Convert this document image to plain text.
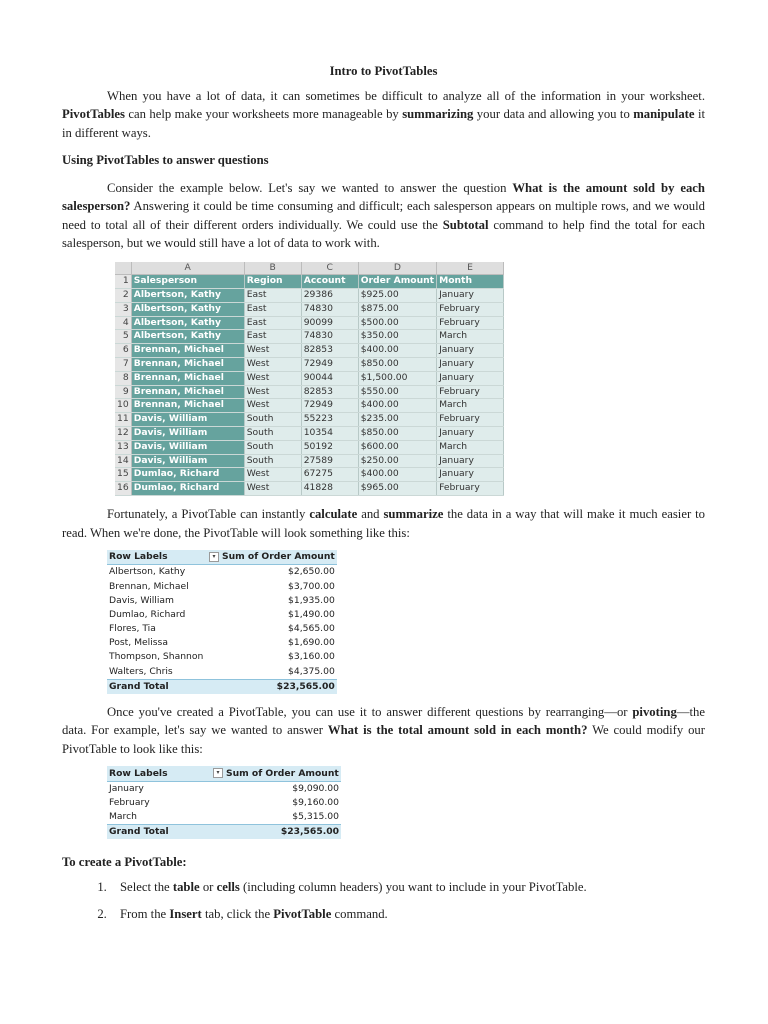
Intro to PivotTables

When you have a lot of data, it can sometimes be difficult to analyze all of the information in your worksheet. PivotTables can help make your worksheets more manageable by summarizing your data and allowing you to manipulate it in different ways.

Using PivotTables to answer questions

Consider the example below. Let's say we wanted to answer the question What is the amount sold by each salesperson? Answering it could be time consuming and difficult; each salesperson appears on multiple rows, and we would need to total all of their different orders individually. We could use the Subtotal command to help find the total for each salesperson, but we would still have a lot of data to work with.

	A	B	C	D	E	
1	Salesperson	Region	Account	Order Amount	Month	
2	Albertson, Kathy	East	29386	$925.00	January	
3	Albertson, Kathy	East	74830	$875.00	February	
4	Albertson, Kathy	East	90099	$500.00	February	
5	Albertson, Kathy	East	74830	$350.00	March	
6	Brennan, Michael	West	82853	$400.00	January	
7	Brennan, Michael	West	72949	$850.00	January	
8	Brennan, Michael	West	90044	$1,500.00	January	
9	Brennan, Michael	West	82853	$550.00	February	
10	Brennan, Michael	West	72949	$400.00	March	
11	Davis, William	South	55223	$235.00	February	
12	Davis, William	South	10354	$850.00	January	
13	Davis, William	South	50192	$600.00	March	
14	Davis, William	South	27589	$250.00	January	
15	Dumlao, Richard	West	67275	$400.00	January	
16	Dumlao, Richard	West	41828	$965.00	February	

Fortunately, a PivotTable can instantly calculate and summarize the data in a way that will make it much easier to read. When we're done, the PivotTable will look something like this:

Row Labels	▾ Sum of Order Amount
Albertson, Kathy	$2,650.00
Brennan, Michael	$3,700.00
Davis, William	$1,935.00
Dumlao, Richard	$1,490.00
Flores, Tia	$4,565.00
Post, Melissa	$1,690.00
Thompson, Shannon	$3,160.00
Walters, Chris	$4,375.00
Grand Total	$23,565.00

Once you've created a PivotTable, you can use it to answer different questions by rearranging—or pivoting—the data. For example, let's say we wanted to answer What is the total amount sold in each month? We could modify our PivotTable to look like this:

Row Labels	▾ Sum of Order Amount
January	$9,090.00
February	$9,160.00
March	$5,315.00
Grand Total	$23,565.00
To create a PivotTable:
1. Select the table or cells (including column headers) you want to include in your PivotTable.
2. From the Insert tab, click the PivotTable command.
